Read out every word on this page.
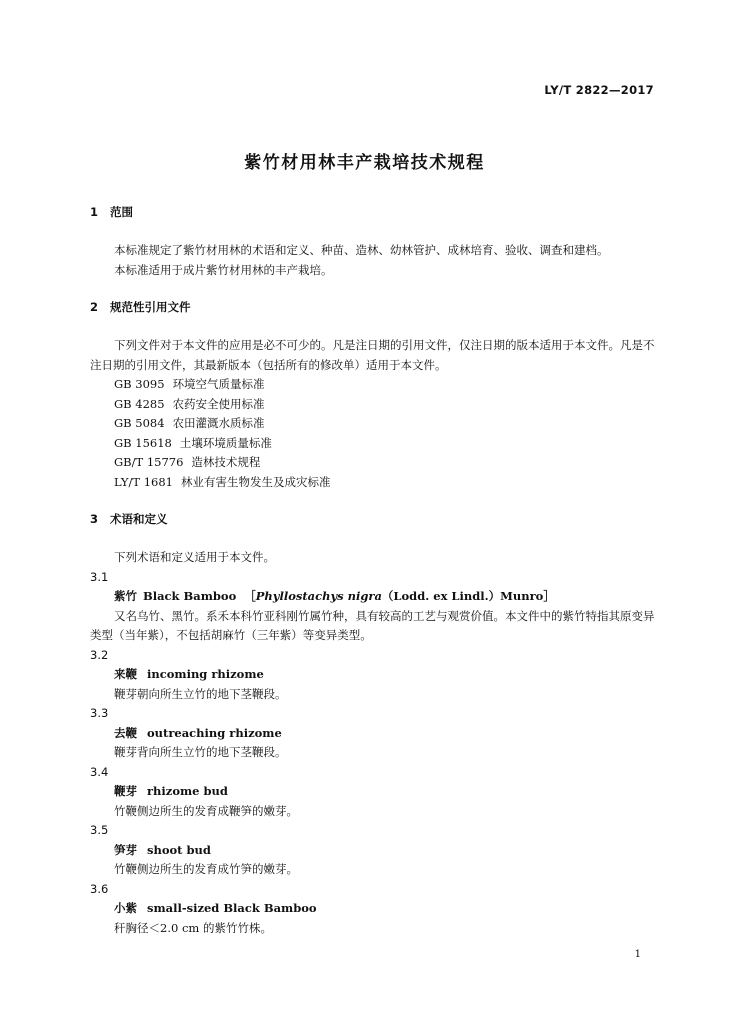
LY/T 2822—2017
紫竹材用林丰产栽培技术规程

1 范围

本标准规定了紫竹材用林的术语和定义、种苗、造林、幼林管护、成林培育、验收、调查和建档。

本标准适用于成片紫竹材用林的丰产栽培。

2 规范性引用文件

下列文件对于本文件的应用是必不可少的。凡是注日期的引用文件，仅注日期的版本适用于本文件。凡是不注日期的引用文件，其最新版本（包括所有的修改单）适用于本文件。

GB 3095 环境空气质量标准

GB 4285 农药安全使用标准

GB 5084 农田灌溉水质标准

GB 15618 土壤环境质量标准

GB/T 15776 造林技术规程

LY/T 1681 林业有害生物发生及成灾标准

3 术语和定义

下列术语和定义适用于本文件。

3.1

紫竹 Black Bamboo ［Phyllostachys nigra（Lodd. ex Lindl.）Munro］

又名乌竹、黑竹。系禾本科竹亚科刚竹属竹种，具有较高的工艺与观赏价值。本文件中的紫竹特指其原变异类型（当年紫），不包括胡麻竹（三年紫）等变异类型。

3.2

来鞭 incoming rhizome

鞭芽朝向所生立竹的地下茎鞭段。

3.3

去鞭 outreaching rhizome

鞭芽背向所生立竹的地下茎鞭段。

3.4

鞭芽 rhizome bud

竹鞭侧边所生的发育成鞭笋的嫩芽。

3.5

笋芽 shoot bud

竹鞭侧边所生的发育成竹笋的嫩芽。

3.6

小紫 small-sized Black Bamboo

秆胸径＜2.0 cm 的紫竹竹株。

1
